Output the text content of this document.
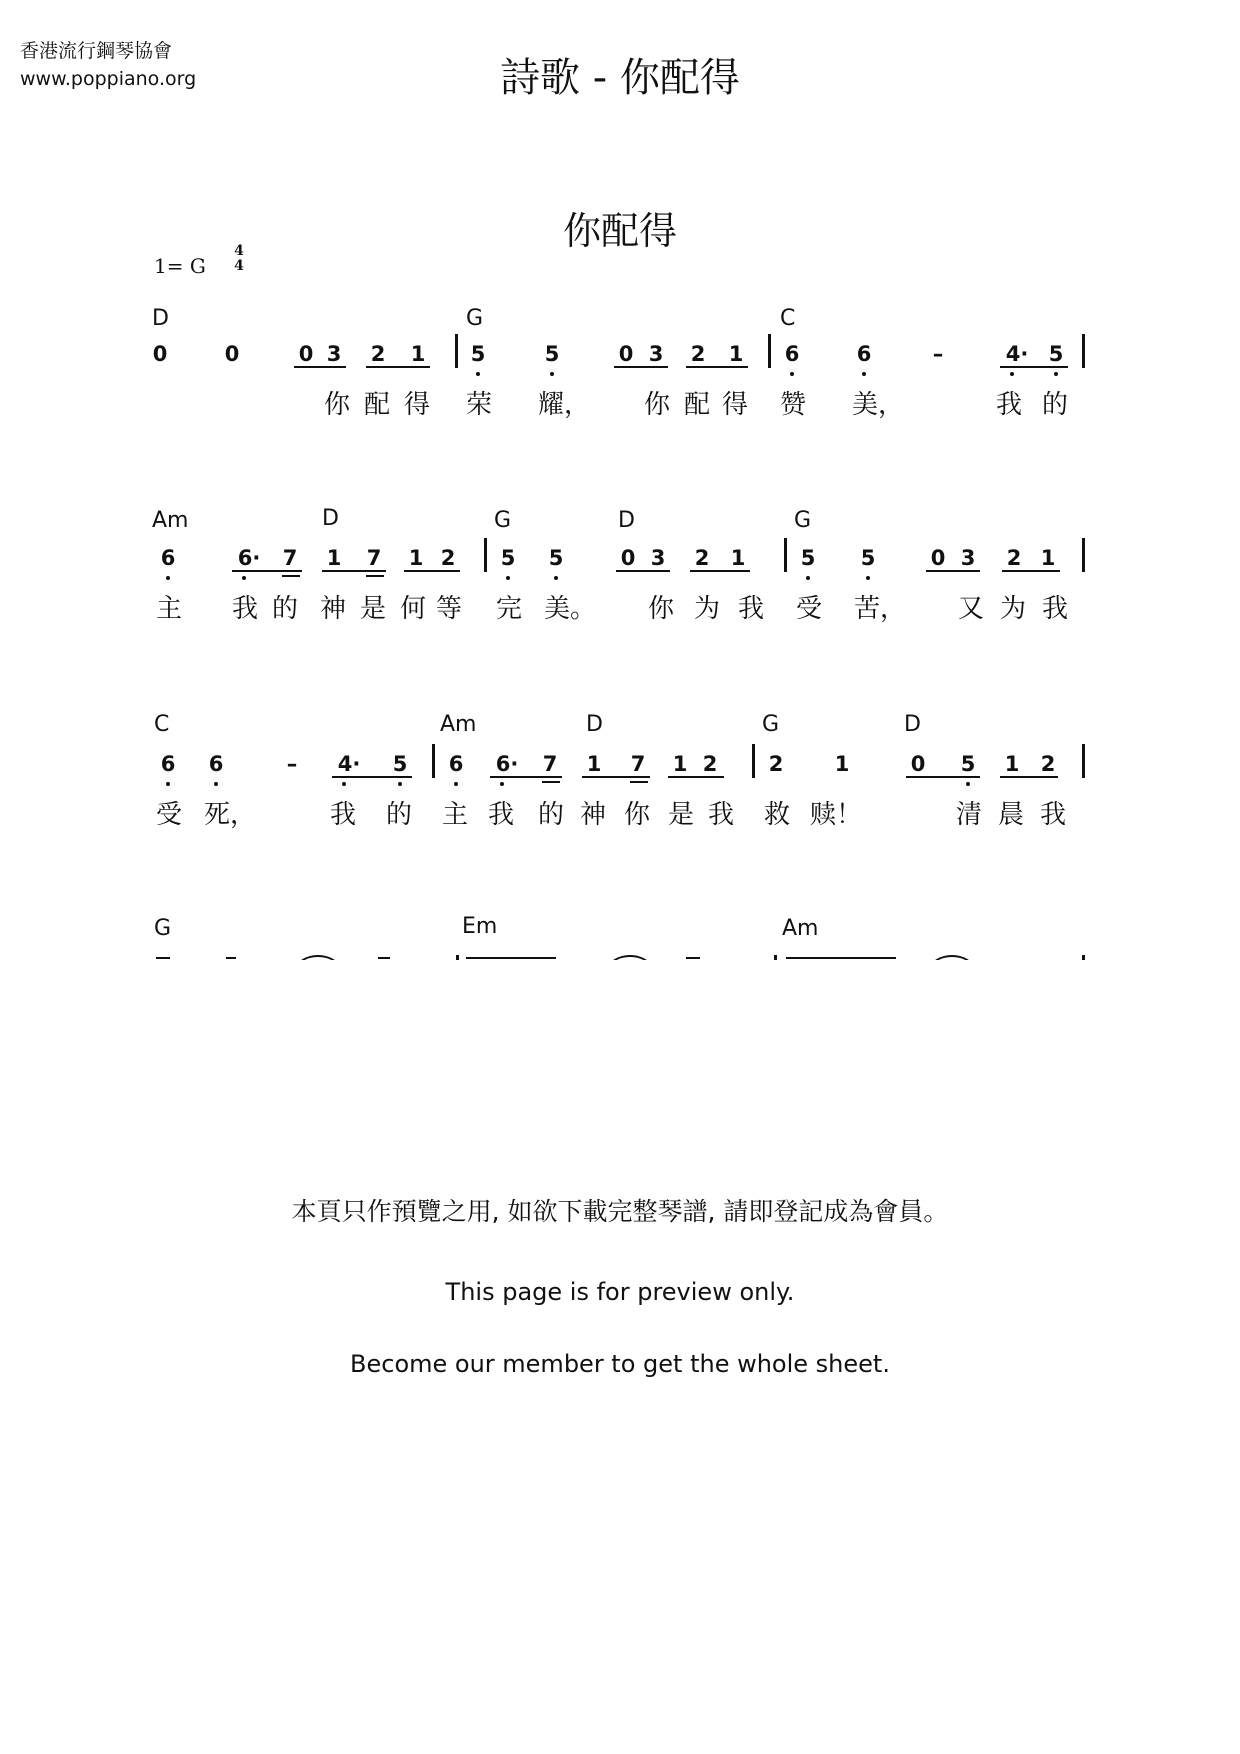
香港流行鋼琴協會
www.poppiano.org	詩歌 - 你配得
你配得
1= G
4
4
D	G	C
0	0	0 3 2 1 5	5	0 3 2 1 6	6	–	4· 5
你 配 得 荣 耀， 你 配 得 赞 美，	我 的
Am	D	G	D	G
6	6· 7 1 7 1 2 5 5	0 3 2 1	5 5	0 3 2 1
主 我 的 神 是 何 等 完 美。 你 为 我 受 苦， 又 为 我
C	Am	D	G	D
6 6	–	4· 5 6 6· 7 1 7 1 2 2 1	0 5 1 2
受 死，	我 的 主 我 的 神 你 是 我 救 赎！	清 晨 我
G	Em	Am
本頁只作預覽之用, 如欲下載完整琴譜, 請即登記成為會員。
This page is for preview only.
Become our member to get the whole sheet.
